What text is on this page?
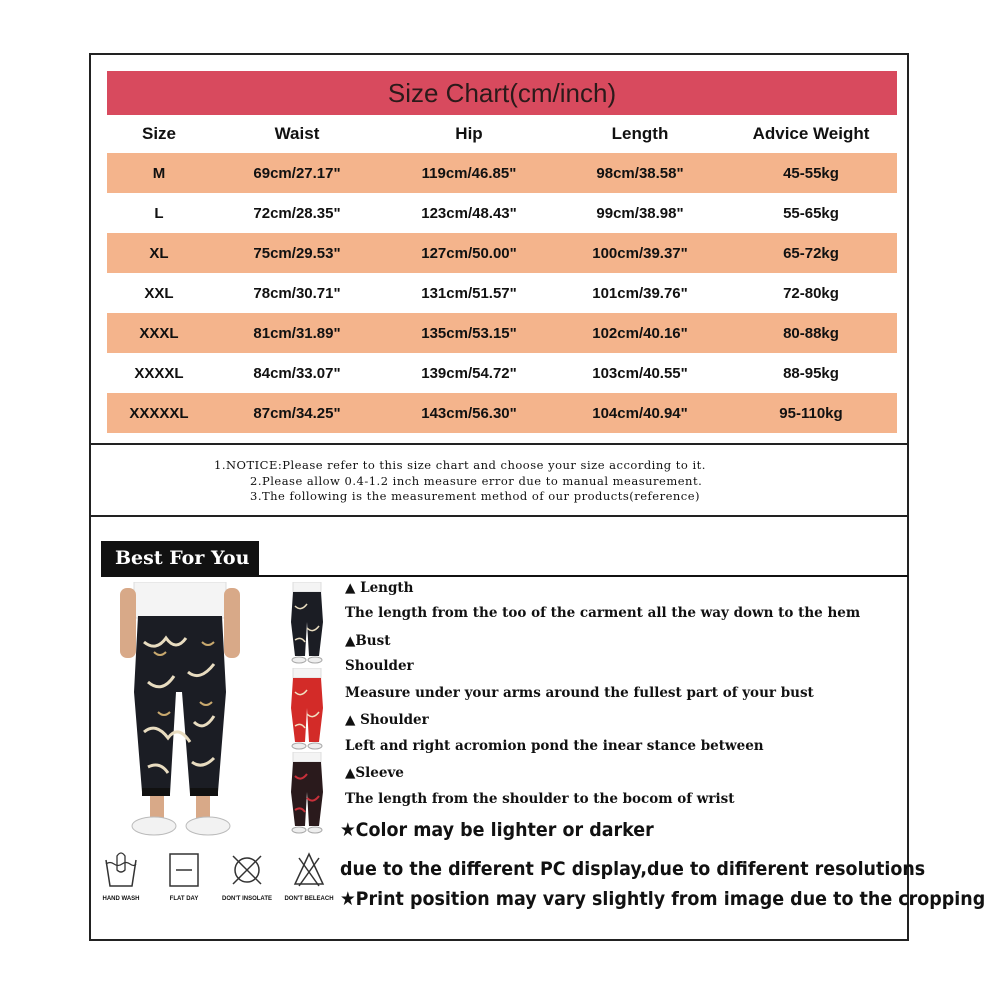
Size Chart(cm/inch)
Size	Waist	Hip	Length	Advice Weight
M	69cm/27.17"	119cm/46.85"	98cm/38.58"	45-55kg
L	72cm/28.35"	123cm/48.43"	99cm/38.98"	55-65kg
XL	75cm/29.53"	127cm/50.00"	100cm/39.37"	65-72kg
XXL	78cm/30.71"	131cm/51.57"	101cm/39.76"	72-80kg
XXXL	81cm/31.89"	135cm/53.15"	102cm/40.16"	80-88kg
XXXXL	84cm/33.07"	139cm/54.72"	103cm/40.55"	88-95kg
XXXXXL	87cm/34.25"	143cm/56.30"	104cm/40.94"	95-110kg
1.NOTICE:Please refer to this size chart and choose your size according to it.
2.Please allow 0.4-1.2 inch measure error due to manual measurement.
3.The following is the measurement method of our products(reference)
Best For You
▲ Length
The length from the too of the carment all the way down to the hem
▲Bust
Shoulder
Measure under your arms around the fullest part of your bust
▲ Shoulder
Left and right acromion pond the inear stance between
▲Sleeve
The length from the shoulder to the bocom of wrist
★Color may be lighter or darker
due to the different PC display,due to dififerent resolutions
★Print position may vary slightly from image due to the cropping
HAND WASH	FLAT DAY	DON'T INSOLATE	DON'T BELEACH
